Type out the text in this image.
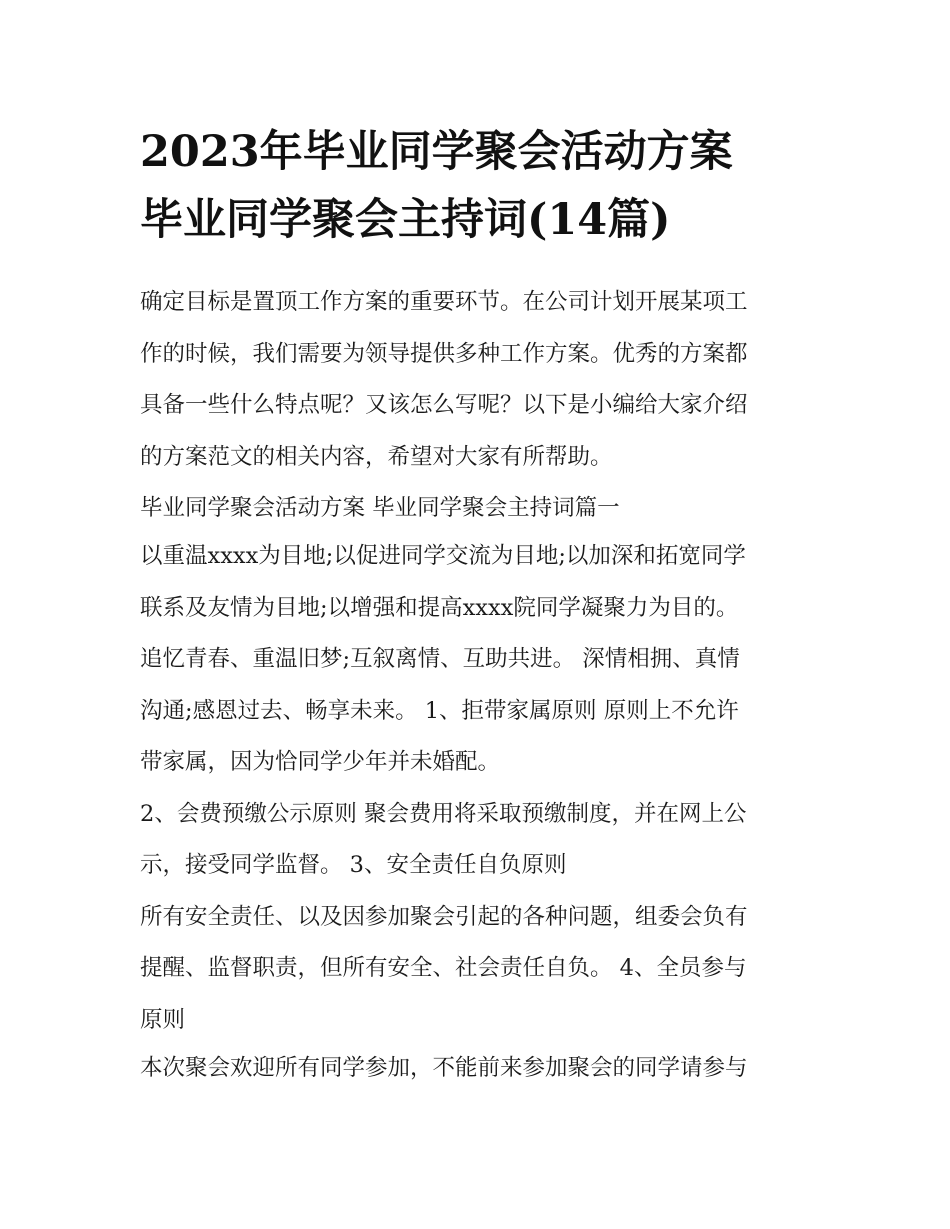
2023年毕业同学聚会活动方案
毕业同学聚会主持词(14篇)
确定目标是置顶工作方案的重要环节。在公司计划开展某项工
作的时候，我们需要为领导提供多种工作方案。优秀的方案都
具备一些什么特点呢？又该怎么写呢？以下是小编给大家介绍
的方案范文的相关内容，希望对大家有所帮助。
毕业同学聚会活动方案 毕业同学聚会主持词篇一
以重温xxxx为目地;以促进同学交流为目地;以加深和拓宽同学
联系及友情为目地;以增强和提高xxxx院同学凝聚力为目的。
追忆青春、重温旧梦;互叙离情、互助共进。 深情相拥、真情
沟通;感恩过去、畅享未来。 1、拒带家属原则 原则上不允许
带家属，因为恰同学少年并未婚配。
2、会费预缴公示原则 聚会费用将采取预缴制度，并在网上公
示，接受同学监督。 3、安全责任自负原则
所有安全责任、以及因参加聚会引起的各种问题，组委会负有
提醒、监督职责，但所有安全、社会责任自负。 4、全员参与
原则
本次聚会欢迎所有同学参加，不能前来参加聚会的同学请参与
